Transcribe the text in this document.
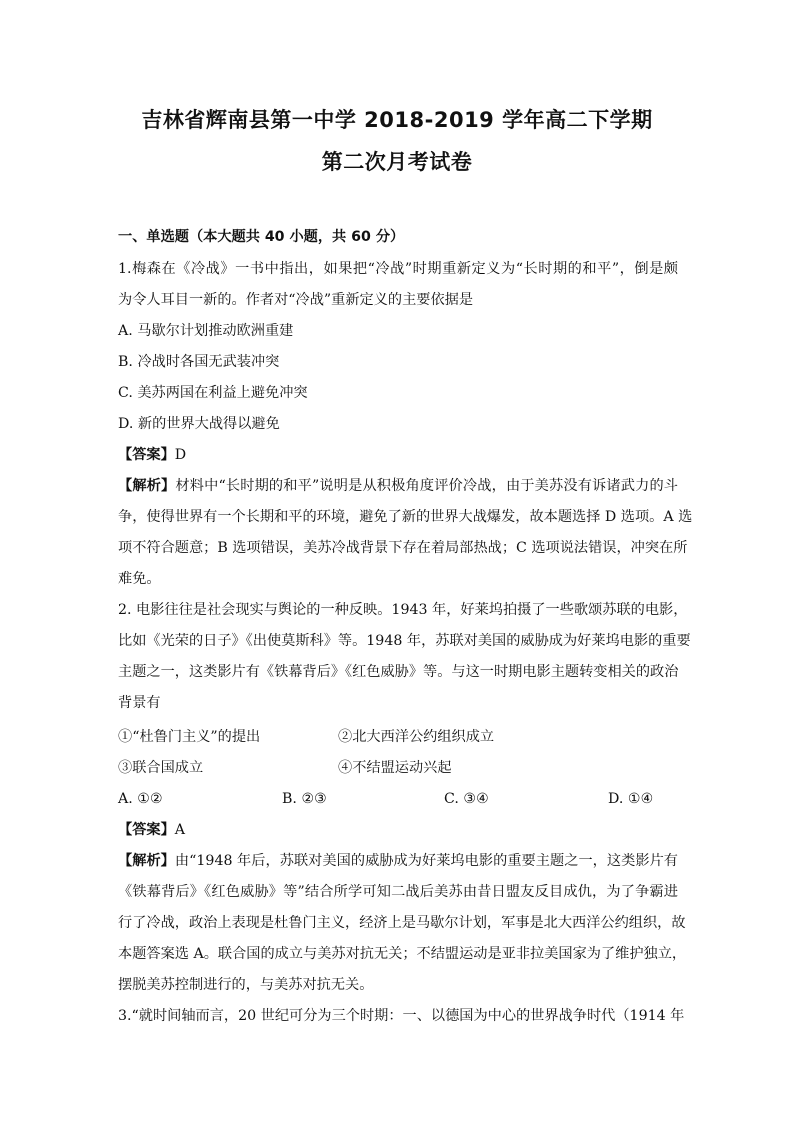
吉林省辉南县第一中学 2018-2019 学年高二下学期
第二次月考试卷
一、单选题（本大题共 40 小题，共 60 分）
1.梅森在《冷战》一书中指出，如果把“冷战”时期重新定义为“长时期的和平”，倒是颇
为令人耳目一新的。作者对“冷战”重新定义的主要依据是
A. 马歇尔计划推动欧洲重建
B. 冷战时各国无武装冲突
C. 美苏两国在利益上避免冲突
D. 新的世界大战得以避免
【答案】D
【解析】材料中“长时期的和平”说明是从积极角度评价冷战，由于美苏没有诉诸武力的斗
争，使得世界有一个长期和平的环境，避免了新的世界大战爆发，故本题选择 D 选项。A 选
项不符合题意；B 选项错误，美苏冷战背景下存在着局部热战；C 选项说法错误，冲突在所
难免。
2. 电影往往是社会现实与舆论的一种反映。1943 年，好莱坞拍摄了一些歌颂苏联的电影，
比如《光荣的日子》《出使莫斯科》等。1948 年，苏联对美国的威胁成为好莱坞电影的重要
主题之一，这类影片有《铁幕背后》《红色威胁》等。与这一时期电影主题转变相关的政治
背景有
①“杜鲁门主义”的提出	②北大西洋公约组织成立
③联合国成立	④不结盟运动兴起
A. ①②	B. ②③	C. ③④	D. ①④
【答案】A
【解析】由“1948 年后，苏联对美国的威胁成为好莱坞电影的重要主题之一，这类影片有
《铁幕背后》《红色威胁》等”结合所学可知二战后美苏由昔日盟友反目成仇，为了争霸进
行了冷战，政治上表现是杜鲁门主义，经济上是马歇尔计划，军事是北大西洋公约组织，故
本题答案选 A。联合国的成立与美苏对抗无关；不结盟运动是亚非拉美国家为了维护独立，
摆脱美苏控制进行的，与美苏对抗无关。
3.“就时间轴而言，20 世纪可分为三个时期：一、以德国为中心的世界战争时代（1914 年
